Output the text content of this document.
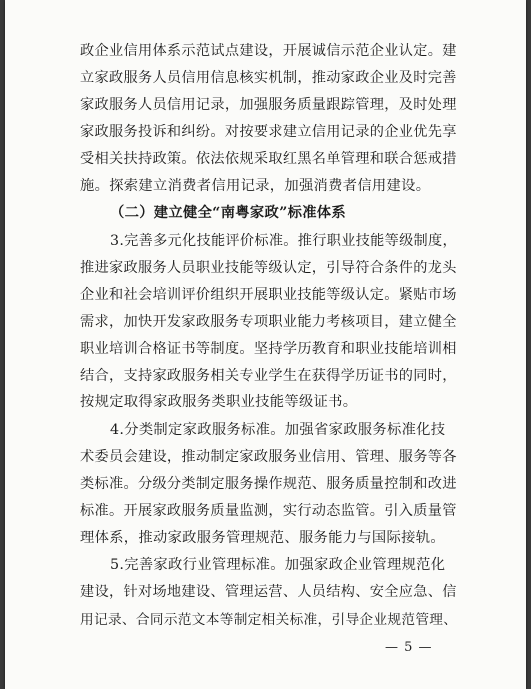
政企业信用体系示范试点建设，开展诚信示范企业认定。建
立家政服务人员信用信息核实机制，推动家政企业及时完善
家政服务人员信用记录，加强服务质量跟踪管理，及时处理
家政服务投诉和纠纷。对按要求建立信用记录的企业优先享
受相关扶持政策。依法依规采取红黑名单管理和联合惩戒措
施。探索建立消费者信用记录，加强消费者信用建设。
（二）建立健全“南粤家政”标准体系
3.完善多元化技能评价标准。推行职业技能等级制度，
推进家政服务人员职业技能等级认定，引导符合条件的龙头
企业和社会培训评价组织开展职业技能等级认定。紧贴市场
需求，加快开发家政服务专项职业能力考核项目，建立健全
职业培训合格证书等制度。坚持学历教育和职业技能培训相
结合，支持家政服务相关专业学生在获得学历证书的同时，
按规定取得家政服务类职业技能等级证书。
4.分类制定家政服务标准。加强省家政服务标准化技
术委员会建设，推动制定家政服务业信用、管理、服务等各
类标准。分级分类制定服务操作规范、服务质量控制和改进
标准。开展家政服务质量监测，实行动态监管。引入质量管
理体系，推动家政服务管理规范、服务能力与国际接轨。
5.完善家政行业管理标准。加强家政企业管理规范化
建设，针对场地建设、管理运营、人员结构、安全应急、信
用记录、合同示范文本等制定相关标准，引导企业规范管理、
— 5 —
